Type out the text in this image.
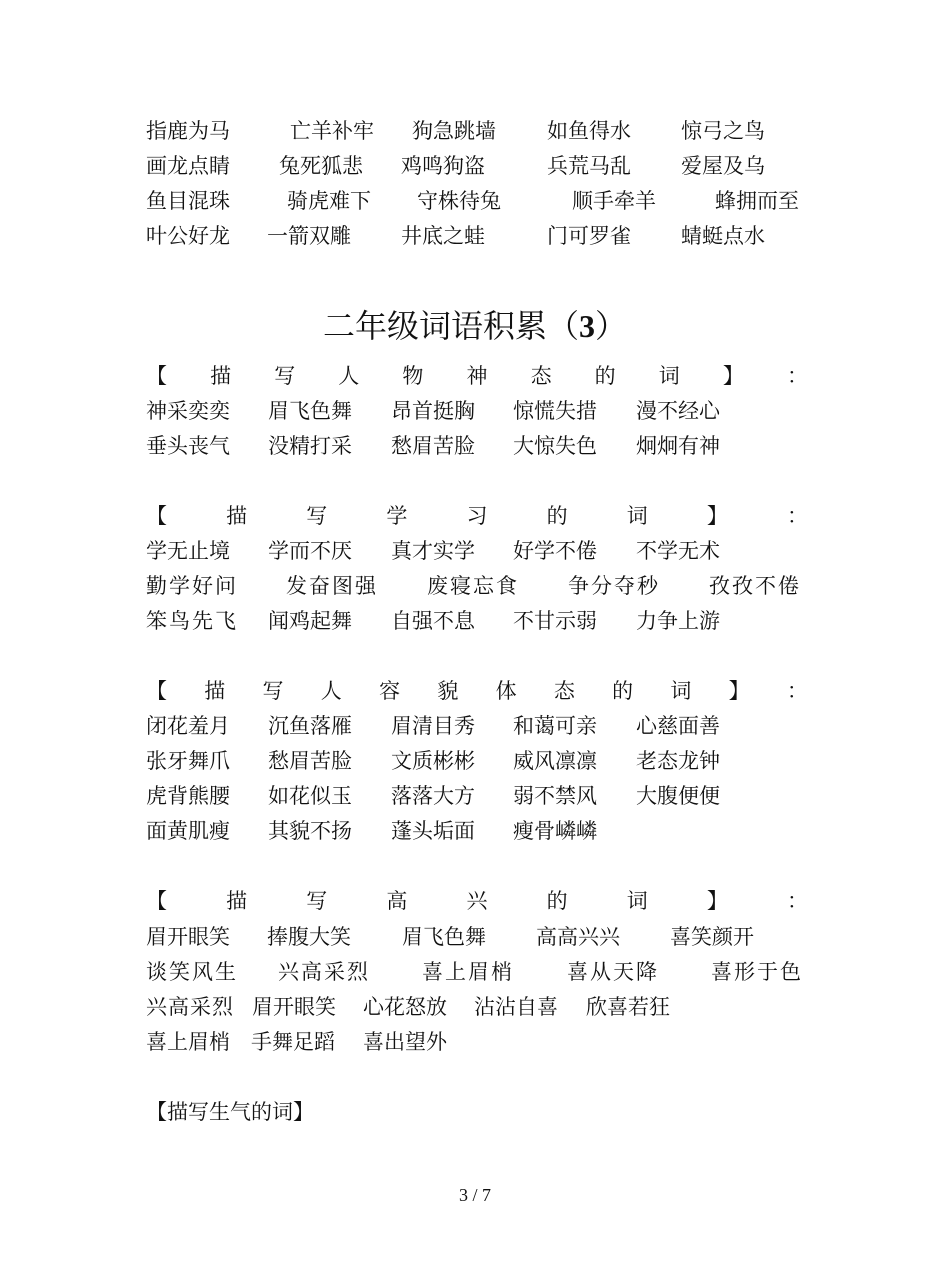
指鹿为马	亡羊补牢 狗急跳墙 如鱼得水 惊弓之鸟
画龙点睛 兔死狐悲 鸡鸣狗盗	兵荒马乱 爱屋及乌
鱼目混珠	骑虎难下 守株待兔	顺手牵羊	蜂拥而至
叶公好龙 一箭双雕 井底之蛙	门可罗雀 蜻蜓点水
二年级词语积累（3）
【 描 写 人 物 神 态 的 词 】 ：
神采奕奕 眉飞色舞 昂首挺胸 惊慌失措 漫不经心
垂头丧气 没精打采 愁眉苦脸 大惊失色 炯炯有神
【	描	写	学	习	的	词	】	：
学无止境 学而不厌 真才实学 好学不倦 不学无术
勤学好问 发奋图强 废寝忘食 争分夺秒 孜孜不倦
笨鸟先飞 闻鸡起舞 自强不息 不甘示弱 力争上游
【 描 写 人 容 貌 体 态 的 词 】 ：
闭花羞月 沉鱼落雁 眉清目秀 和蔼可亲 心慈面善
张牙舞爪 愁眉苦脸 文质彬彬 威风凛凛 老态龙钟
虎背熊腰 如花似玉 落落大方 弱不禁风 大腹便便
面黄肌瘦 其貌不扬 蓬头垢面 瘦骨嶙嶙
【	描	写	高	兴	的	词	】	：
眉开眼笑 捧腹大笑 眉飞色舞 高高兴兴 喜笑颜开
谈笑风生 兴高采烈 喜上眉梢	喜从天降 喜形于色
兴高采烈 眉开眼笑 心花怒放 沾沾自喜 欣喜若狂
喜上眉梢 手舞足蹈 喜出望外
【描写生气的词】
3 / 7
